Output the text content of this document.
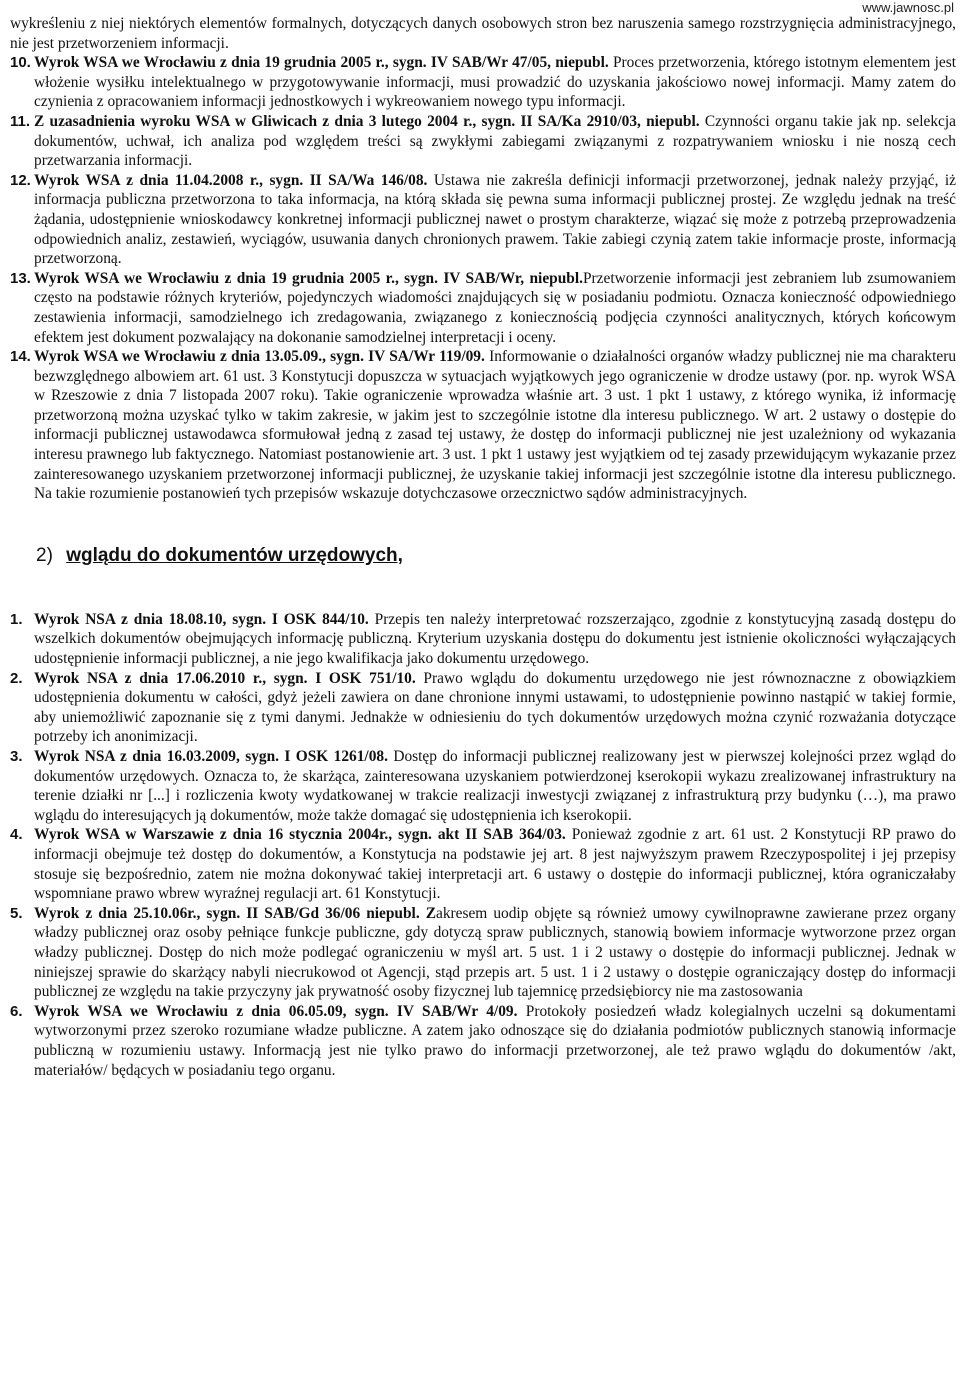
www.jawnosc.pl

wykreśleniu z niej niektórych elementów formalnych, dotyczących danych osobowych stron bez naruszenia samego rozstrzygnięcia administracyjnego, nie jest przetworzeniem informacji.

10. Wyrok WSA we Wrocławiu z dnia 19 grudnia 2005 r., sygn. IV SAB/Wr 47/05, niepubl. Proces przetworzenia, którego istotnym elementem jest włożenie wysiłku intelektualnego w przygotowywanie informacji, musi prowadzić do uzyskania jakościowo nowej informacji. Mamy zatem do czynienia z opracowaniem informacji jednostkowych i wykreowaniem nowego typu informacji.
11. Z uzasadnienia wyroku WSA w Gliwicach z dnia 3 lutego 2004 r., sygn. II SA/Ka 2910/03, niepubl. Czynności organu takie jak np. selekcja dokumentów, uchwał, ich analiza pod względem treści są zwykłymi zabiegami związanymi z rozpatrywaniem wniosku i nie noszą cech przetwarzania informacji.
12. Wyrok WSA z dnia 11.04.2008 r., sygn. II SA/Wa 146/08. Ustawa nie zakreśla definicji informacji przetworzonej, jednak należy przyjąć, iż informacja publiczna przetworzona to taka informacja, na którą składa się pewna suma informacji publicznej prostej. Ze względu jednak na treść żądania, udostępnienie wnioskodawcy konkretnej informacji publicznej nawet o prostym charakterze, wiązać się może z potrzebą przeprowadzenia odpowiednich analiz, zestawień, wyciągów, usuwania danych chronionych prawem. Takie zabiegi czynią zatem takie informacje proste, informacją przetworzoną.
13. Wyrok WSA we Wrocławiu z dnia 19 grudnia 2005 r., sygn. IV SAB/Wr, niepubl.Przetworzenie informacji jest zebraniem lub zsumowaniem często na podstawie różnych kryteriów, pojedynczych wiadomości znajdujących się w posiadaniu podmiotu. Oznacza konieczność odpowiedniego zestawienia informacji, samodzielnego ich zredagowania, związanego z koniecznością podjęcia czynności analitycznych, których końcowym efektem jest dokument pozwalający na dokonanie samodzielnej interpretacji i oceny.
14. Wyrok WSA we Wrocławiu z dnia 13.05.09., sygn. IV SA/Wr 119/09. Informowanie o działalności organów władzy publicznej nie ma charakteru bezwzględnego albowiem art. 61 ust. 3 Konstytucji dopuszcza w sytuacjach wyjątkowych jego ograniczenie w drodze ustawy (por. np. wyrok WSA w Rzeszowie z dnia 7 listopada 2007 roku). Takie ograniczenie wprowadza właśnie art. 3 ust. 1 pkt 1 ustawy, z którego wynika, iż informację przetworzoną można uzyskać tylko w takim zakresie, w jakim jest to szczególnie istotne dla interesu publicznego. W art. 2 ustawy o dostępie do informacji publicznej ustawodawca sformułował jedną z zasad tej ustawy, że dostęp do informacji publicznej nie jest uzależniony od wykazania interesu prawnego lub faktycznego. Natomiast postanowienie art. 3 ust. 1 pkt 1 ustawy jest wyjątkiem od tej zasady przewidującym wykazanie przez zainteresowanego uzyskaniem przetworzonej informacji publicznej, że uzyskanie takiej informacji jest szczególnie istotne dla interesu publicznego. Na takie rozumienie postanowień tych przepisów wskazuje dotychczasowe orzecznictwo sądów administracyjnych.
2) wglądu do dokumentów urzędowych,
1. Wyrok NSA z dnia 18.08.10, sygn. I OSK 844/10. Przepis ten należy interpretować rozszerzająco, zgodnie z konstytucyjną zasadą dostępu do wszelkich dokumentów obejmujących informację publiczną. Kryterium uzyskania dostępu do dokumentu jest istnienie okoliczności wyłączających udostępnienie informacji publicznej, a nie jego kwalifikacja jako dokumentu urzędowego.
2. Wyrok NSA z dnia 17.06.2010 r., sygn. I OSK 751/10. Prawo wglądu do dokumentu urzędowego nie jest równoznaczne z obowiązkiem udostępnienia dokumentu w całości, gdyż jeżeli zawiera on dane chronione innymi ustawami, to udostępnienie powinno nastąpić w takiej formie, aby uniemożliwić zapoznanie się z tymi danymi. Jednakże w odniesieniu do tych dokumentów urzędowych można czynić rozważania dotyczące potrzeby ich anonimizacji.
3. Wyrok NSA z dnia 16.03.2009, sygn. I OSK 1261/08. Dostęp do informacji publicznej realizowany jest w pierwszej kolejności przez wgląd do dokumentów urzędowych. Oznacza to, że skarżąca, zainteresowana uzyskaniem potwierdzonej kserokopii wykazu zrealizowanej infrastruktury na terenie działki nr [...] i rozliczenia kwoty wydatkowanej w trakcie realizacji inwestycji związanej z infrastrukturą przy budynku (…), ma prawo wglądu do interesujących ją dokumentów, może także domagać się udostępnienia ich kserokopii.
4. Wyrok WSA w Warszawie z dnia 16 stycznia 2004r., sygn. akt II SAB 364/03. Ponieważ zgodnie z art. 61 ust. 2 Konstytucji RP prawo do informacji obejmuje też dostęp do dokumentów, a Konstytucja na podstawie jej art. 8 jest najwyższym prawem Rzeczypospolitej i jej przepisy stosuje się bezpośrednio, zatem nie można dokonywać takiej interpretacji art. 6 ustawy o dostępie do informacji publicznej, która ograniczałaby wspomniane prawo wbrew wyraźnej regulacji art. 61 Konstytucji.
5. Wyrok z dnia 25.10.06r., sygn. II SAB/Gd 36/06 niepubl. Zakresem uodip objęte są również umowy cywilnoprawne zawierane przez organy władzy publicznej oraz osoby pełniące funkcje publiczne, gdy dotyczą spraw publicznych, stanowią bowiem informacje wytworzone przez organ władzy publicznej. Dostęp do nich może podlegać ograniczeniu w myśl art. 5 ust. 1 i 2 ustawy o dostępie do informacji publicznej. Jednak w niniejszej sprawie do skarżący nabyli niecrukowod ot Agencji, stąd przepis art. 5 ust. 1 i 2 ustawy o dostępie ograniczający dostęp do informacji publicznej ze względu na takie przyczyny jak prywatność osoby fizycznej lub tajemnicę przedsiębiorcy nie ma zastosowania
6. Wyrok WSA we Wrocławiu z dnia 06.05.09, sygn. IV SAB/Wr 4/09. Protokoły posiedzeń władz kolegialnych uczelni są dokumentami wytworzonymi przez szeroko rozumiane władze publiczne. A zatem jako odnoszące się do działania podmiotów publicznych stanowią informacje publiczną w rozumieniu ustawy. Informacją jest nie tylko prawo do informacji przetworzonej, ale też prawo wglądu do dokumentów /akt, materiałów/ będących w posiadaniu tego organu.
